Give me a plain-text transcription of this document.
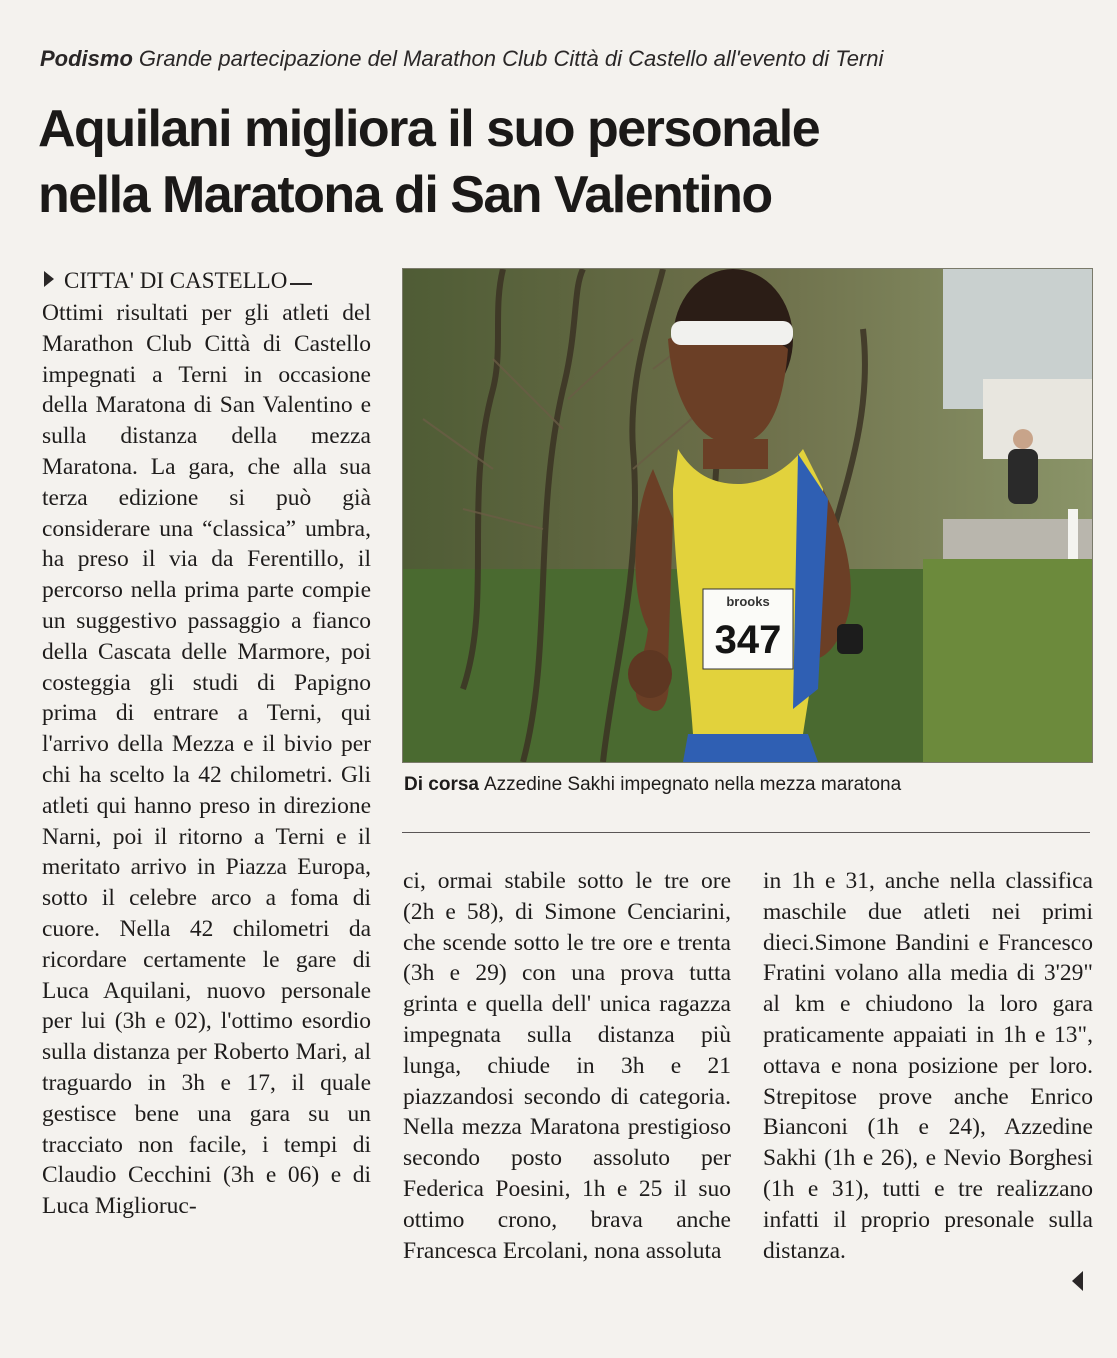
Podismo Grande partecipazione del Marathon Club Città di Castello all'evento di Terni
Aquilani migliora il suo personale
nella Maratona di San Valentino
CITTA' DI CASTELLO

Ottimi risultati per gli atleti del Marathon Club Città di Castello impegnati a Terni in occasione della Maratona di San Valentino e sulla distanza della mezza Maratona. La gara, che alla sua terza edizione si può già considerare una “classica” umbra, ha preso il via da Ferentillo, il percorso nella prima parte compie un suggestivo passaggio a fianco della Cascata delle Marmore, poi costeggia gli studi di Papigno prima di entrare a Terni, qui l'arrivo della Mezza e il bivio per chi ha scelto la 42 chilometri. Gli atleti qui hanno preso in direzione Narni, poi il ritorno a Terni e il meritato arrivo in Piazza Europa, sotto il celebre arco a foma di cuore. Nella 42 chilometri da ricordare certamente le gare di Luca Aquilani, nuovo personale per lui (3h e 02), l'ottimo esordio sulla distanza per Roberto Mari, al traguardo in 3h e 17, il quale gestisce bene una gara su un tracciato non facile, i tempi di Claudio Cecchini (3h e 06) e di Luca Miglioruc-

brooks
347
Di corsa Azzedine Sakhi impegnato nella mezza maratona

ci, ormai stabile sotto le tre ore (2h e 58), di Simone Cenciarini, che scende sotto le tre ore e trenta (3h e 29) con una prova tutta grinta e quella dell' unica ragazza impegnata sulla distanza più lunga, chiude in 3h e 21 piazzandosi secondo di categoria. Nella mezza Maratona prestigioso secondo posto assoluto per Federica Poesini, 1h e 25 il suo ottimo crono, brava anche Francesca Ercolani, nona assoluta

in 1h e 31, anche nella classifica maschile due atleti nei primi dieci.Simone Bandini e Francesco Fratini volano alla media di 3'29" al km e chiudono la loro gara praticamente appaiati in 1h e 13", ottava e nona posizione per loro. Strepitose prove anche Enrico Bianconi (1h e 24), Azzedine Sakhi (1h e 26), e Nevio Borghesi (1h e 31), tutti e tre realizzano infatti il proprio presonale sulla distanza.
